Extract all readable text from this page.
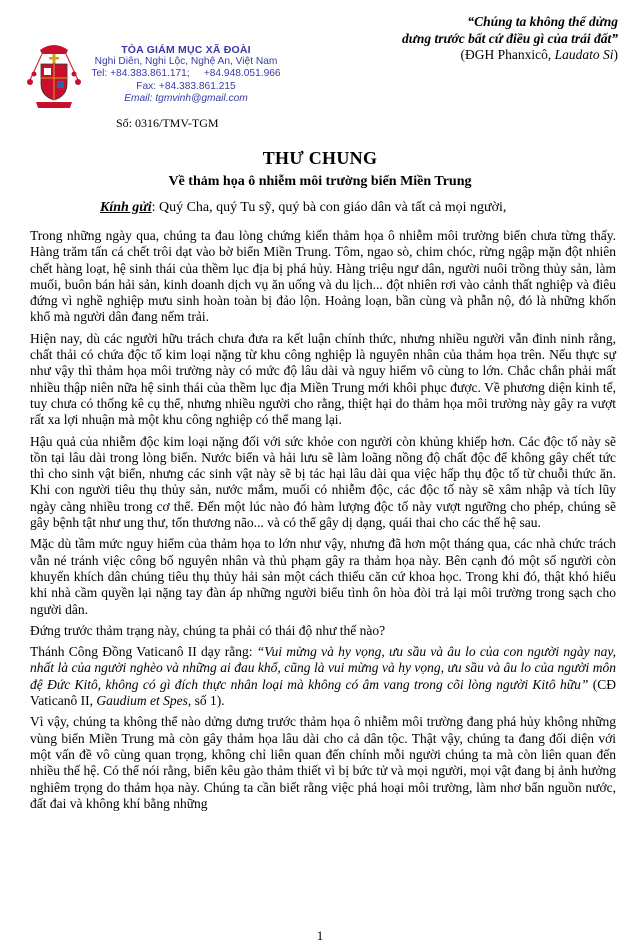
TÒA GIÁM MỤC XÃ ĐOÀI
Nghi Diên, Nghi Lộc, Nghệ An, Việt Nam
Tel: +84.383.861.171;     +84.948.051.966
Fax: +84.383.861.215
Email: tgmvinh@gmail.com
Số: 0316/TMV-TGM
“Chúng ta không thể dửng
dưng trước bất cứ điều gì của trái đất”
(ĐGH Phanxicô, Laudato Si)
THƯ CHUNG
Về thảm họa ô nhiễm môi trường biển Miền Trung
Kính gửi: Quý Cha, quý Tu sỹ, quý bà con giáo dân và tất cả mọi người,

Trong những ngày qua, chúng ta đau lòng chứng kiến thảm họa ô nhiễm môi trường biển chưa từng thấy. Hàng trăm tấn cá chết trôi dạt vào bờ biển Miền Trung. Tôm, ngao sò, chim chóc, rừng ngập mặn đột nhiên chết hàng loạt, hệ sinh thái của thềm lục địa bị phá hủy. Hàng triệu ngư dân, người nuôi trồng thủy sản, làm muối, buôn bán hải sản, kinh doanh dịch vụ ăn uống và du lịch... đột nhiên rơi vào cảnh thất nghiệp và điêu đứng vì nghề nghiệp mưu sinh hoàn toàn bị đảo lộn. Hoảng loạn, bần cùng và phẫn nộ, đó là những khốn khổ mà người dân đang nếm trải.

Hiện nay, dù các người hữu trách chưa đưa ra kết luận chính thức, nhưng nhiều người vẫn đinh ninh rằng, chất thải có chứa độc tố kim loại nặng từ khu công nghiệp là nguyên nhân của thảm họa trên. Nếu thực sự như vậy thì thảm họa môi trường này có mức độ lâu dài và nguy hiểm vô cùng to lớn. Chắc chắn phải mất nhiều thập niên nữa hệ sinh thái của thềm lục địa Miền Trung mới khôi phục được. Về phương diện kinh tế, tuy chưa có thống kê cụ thể, nhưng nhiều người cho rằng, thiệt hại do thảm họa môi trường này gây ra vượt rất xa lợi nhuận mà một khu công nghiệp có thể mang lại.

Hậu quả của nhiễm độc kim loại nặng đối với sức khỏe con người còn khủng khiếp hơn. Các độc tố này sẽ tồn tại lâu dài trong lòng biển. Nước biển và hải lưu sẽ làm loãng nồng độ chất độc để không gây chết tức thì cho sinh vật biển, nhưng các sinh vật này sẽ bị tác hại lâu dài qua việc hấp thụ độc tố từ chuỗi thức ăn. Khi con người tiêu thụ thủy sản, nước mắm, muối có nhiễm độc, các độc tố này sẽ xâm nhập và tích lũy ngày càng nhiều trong cơ thể. Đến một lúc nào đó hàm lượng độc tố này vượt ngưỡng cho phép, chúng sẽ gây bệnh tật như ung thư, tổn thương não... và có thể gây dị dạng, quái thai cho các thế hệ sau.

Mặc dù tầm mức nguy hiểm của thảm họa to lớn như vậy, nhưng đã hơn một tháng qua, các nhà chức trách vẫn né tránh việc công bố nguyên nhân và thủ phạm gây ra thảm họa này. Bên cạnh đó một số người còn khuyến khích dân chúng tiêu thụ thủy hải sản một cách thiếu căn cứ khoa học. Trong khi đó, thật khó hiểu khi nhà cầm quyền lại nặng tay đàn áp những người biểu tình ôn hòa đòi trả lại môi trường trong sạch cho người dân.

Đứng trước thảm trạng này, chúng ta phải có thái độ như thế nào?

Thánh Công Đồng Vaticanô II dạy rằng: “Vui mừng và hy vọng, ưu sầu và âu lo của con người ngày nay, nhất là của người nghèo và những ai đau khổ, cũng là vui mừng và hy vọng, ưu sầu và âu lo của người môn đệ Đức Kitô, không có gì đích thực nhân loại mà không có âm vang trong cõi lòng người Kitô hữu” (CĐ Vaticanô II, Gaudium et Spes, số 1).

Vì vậy, chúng ta không thể nào dửng dưng trước thảm họa ô nhiễm môi trường đang phá hủy không những vùng biển Miền Trung mà còn gây thảm họa lâu dài cho cả dân tộc. Thật vậy, chúng ta đang đối diện với một vấn đề vô cùng quan trọng, không chỉ liên quan đến chính mỗi người chúng ta mà còn liên quan đến nhiều thế hệ. Có thể nói rằng, biển kêu gào thảm thiết vì bị bức tử và mọi người, mọi vật đang bị ảnh hưởng nghiêm trọng do thảm họa này. Chúng ta cần biết rằng việc phá hoại môi trường, làm nhơ bẩn nguồn nước, đất đai và không khí bằng những

1
